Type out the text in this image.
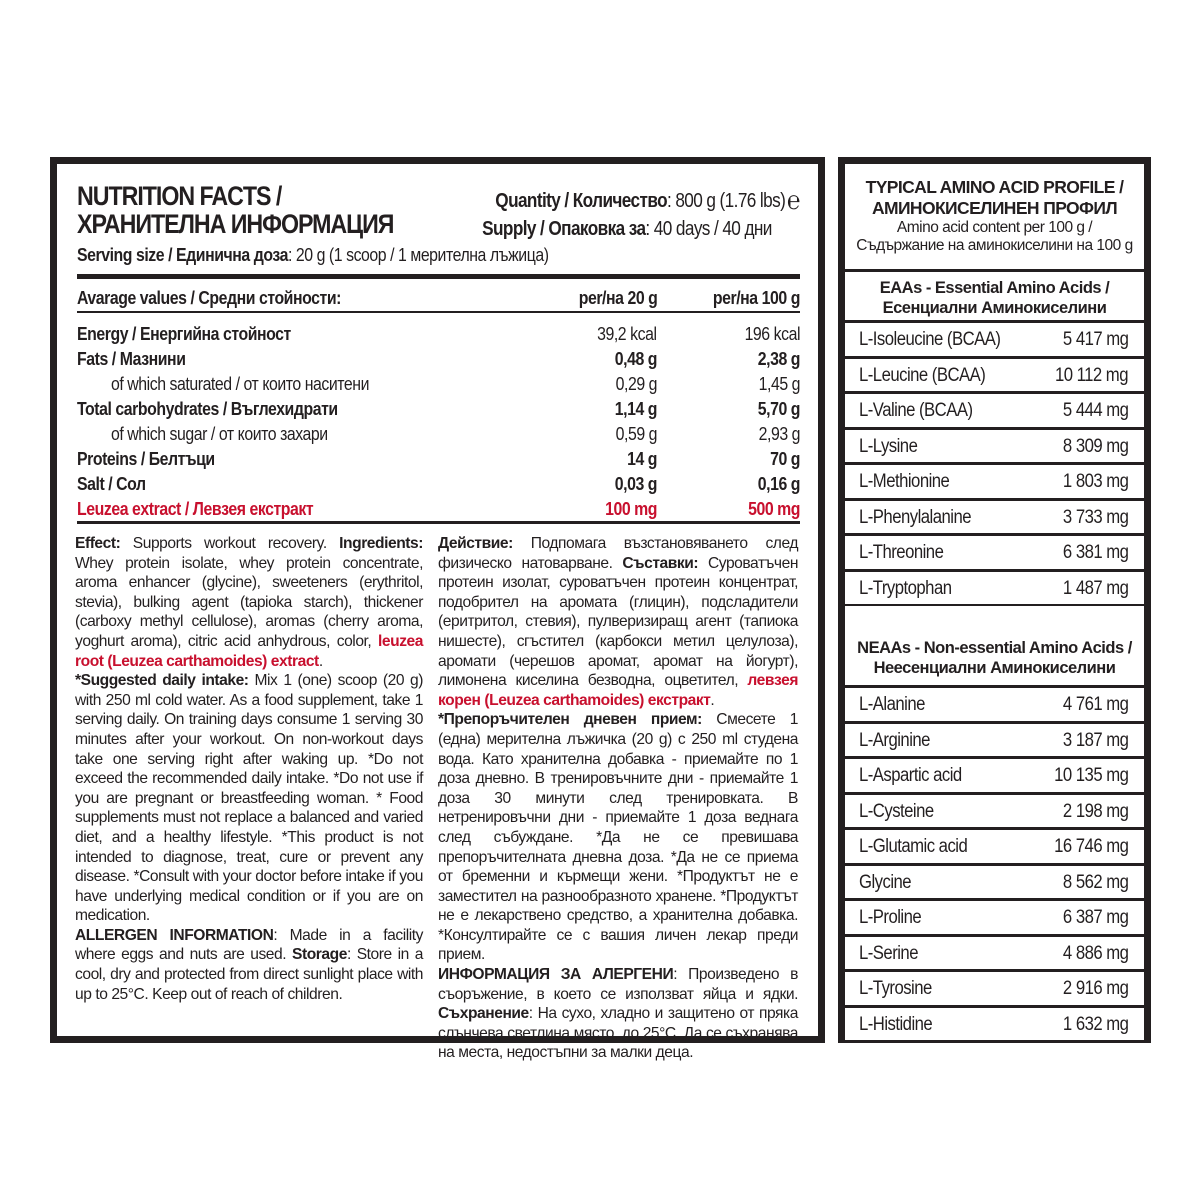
NUTRITION FACTS /
ХРАНИТЕЛНА ИНФОРМАЦИЯ
Quantity / Количество: 800 g (1.76 lbs)℮
Supply / Опаковка за: 40 days / 40 дни
Serving size / Единична доза: 20 g (1 scoop / 1 мерителна лъжица)
Avarage values / Средни стойности:	per/на 20 g	per/на 100 g
Energy / Енергийна стойност	39,2 kcal	196 kcal
Fats / Мазнини	0,48 g	2,38 g
of which saturated / от които наситени	0,29 g	1,45 g
Total carbohydrates / Въглехидрати	1,14 g	5,70 g
of which sugar / от които захари	0,59 g	2,93 g
Proteins / Белтъци	14 g	70 g
Salt / Сол	0,03 g	0,16 g
Leuzea extract / Левзея екстракт	100 mg	500 mg

Effect: Supports workout recovery. Ingredients: Whey protein isolate, whey protein concentrate, aroma enhancer (glycine), sweeteners (erythritol, stevia), bulking agent (tapioka starch), thickener (carboxy methyl cellulose), aromas (cherry aroma, yoghurt aroma), citric acid anhydrous, color, leuzea root (Leuzea carthamoides) extract.

*Suggested daily intake: Mix 1 (one) scoop (20 g) with 250 ml cold water. As a food supplement, take 1 serving daily. On training days consume 1 serving 30 minutes after your workout. On non-workout days take one serving right after waking up. *Do not exceed the recommended daily intake. *Do not use if you are pregnant or breastfeeding woman. * Food supplements must not replace a balanced and varied diet, and a healthy lifestyle. *This product is not intended to diagnose, treat, cure or prevent any disease. *Consult with your doctor before intake if you have underlying medical condition or if you are on medication.

ALLERGEN INFORMATION: Made in a facility where eggs and nuts are used. Storage: Store in a cool, dry and protected from direct sunlight place with up to 25°C. Keep out of reach of children.

Действие: Подпомага възстановяването след физическо натоварване. Съставки: Суроватъчен протеин изолат, суроватъчен протеин концентрат, подобрител на аромата (глицин), подсладители (еритритол, стевия), пулверизиращ агент (тапиока нишесте), сгъстител (карбокси метил целулоза), аромати (черешов аромат, аромат на йогурт), лимонена киселина безводна, оцветител, левзея корен (Leuzea carthamoides) екстракт.

*Препоръчителен дневен прием: Смесете 1 (една) мерителна лъжичка (20 g) с 250 ml студена вода. Като хранителна добавка - приемайте по 1 доза дневно. В тренировъчните дни - приемайте 1 доза 30 минути след тренировката. В нетренировъчни дни - приемайте 1 доза веднага след събуждане. *Да не се превишава препоръчителната дневна доза. *Да не се приема от бременни и кърмещи жени. *Продуктът не е заместител на разнообразното хранене. *Продуктът не е лекарствено средство, а хранителна добавка. *Консултирайте се с вашия личен лекар преди прием.

ИНФОРМАЦИЯ ЗА АЛЕРГЕНИ: Произведено в съоръжение, в което се използват яйца и ядки. Съхранение: На сухо, хладно и защитено от пряка слънчева светлина място, до 25°C. Да се съхранява на места, недостъпни за малки деца.

TYPICAL AMINO ACID PROFILE /
АМИНОКИСЕЛИНЕН ПРОФИЛ
Amino acid content per 100 g /
Съдържание на аминокиселини на 100 g
EAAs - Essential Amino Acids /
Есенциални Аминокиселини
NEAAs - Non-essential Amino Acids /
Неесенциални Аминокиселини
L-Isoleucine (BCAA)	5 417 mg
L-Leucine (BCAA)	10 112 mg
L-Valine (BCAA)	5 444 mg
L-Lysine	8 309 mg
L-Methionine	1 803 mg
L-Phenylalanine	3 733 mg
L-Threonine	6 381 mg
L-Tryptophan	1 487 mg
L-Alanine	4 761 mg
L-Arginine	3 187 mg
L-Aspartic acid	10 135 mg
L-Cysteine	2 198 mg
L-Glutamic acid	16 746 mg
Glycine	8 562 mg
L-Proline	6 387 mg
L-Serine	4 886 mg
L-Tyrosine	2 916 mg
L-Histidine	1 632 mg
